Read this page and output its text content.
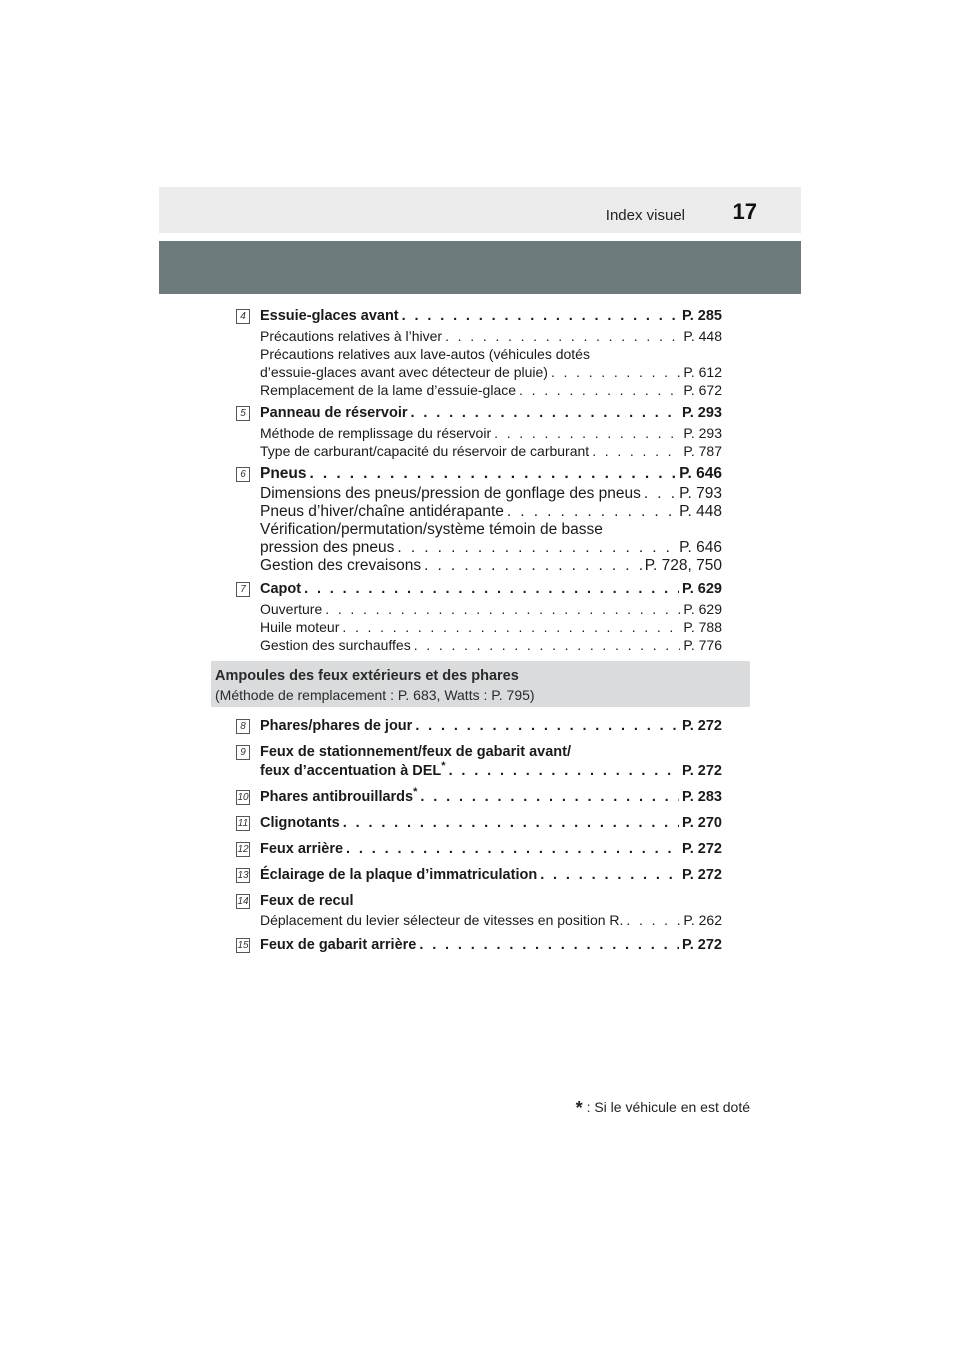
Index visuel 17
4 Essuie-glaces avant . . .	P. 285
Précautions relatives à l’hiver . . .	P. 448
Précautions relatives aux lave-autos (véhicules dotés
d’essuie-glaces avant avec détecteur de pluie) . . .	P. 612
Remplacement de la lame d’essuie-glace . . .	P. 672
5 Panneau de réservoir . . .	P. 293
Méthode de remplissage du réservoir . . .	P. 293
Type de carburant/capacité du réservoir de carburant . . .	P. 787
6 Pneus . . .	P. 646
Dimensions des pneus/pression de gonflage des pneus . . . P. 793
Pneus d’hiver/chaîne antidérapante . . .	P. 448
Vérification/permutation/système témoin de basse
pression des pneus . . .	P. 646
Gestion des crevaisons . . .	P. 728, 750
7 Capot . . .	P. 629
Ouverture . . .	P. 629
Huile moteur . . .	P. 788
Gestion des surchauffes . . .	P. 776
Ampoules des feux extérieurs et des phares
(Méthode de remplacement : P. 683, Watts : P. 795)
8 Phares/phares de jour . . .	P. 272
9 Feux de stationnement/feux de gabarit avant/
feux d’accentuation à DEL* . . .	P. 272
10 Phares antibrouillards* . . .	P. 283
11 Clignotants . . .	P. 270
12 Feux arrière . . .	P. 272
13 Éclairage de la plaque d’immatriculation . . .	P. 272
14 Feux de recul
Déplacement du levier sélecteur de vitesses en position R. . . .	P. 262
15 Feux de gabarit arrière . . .	P. 272
* : Si le véhicule en est doté
